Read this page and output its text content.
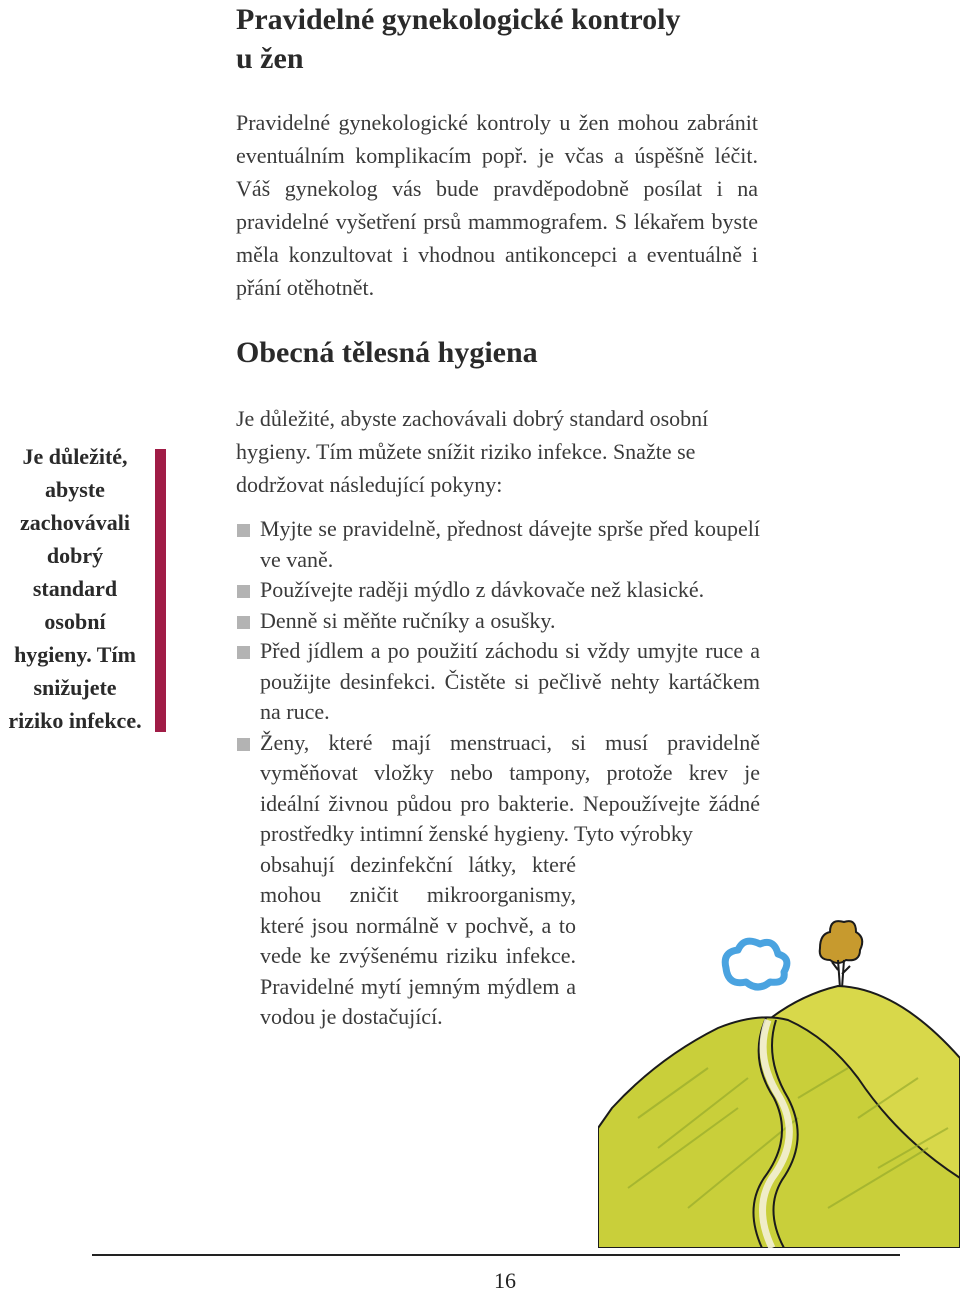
Pravidelné gynekologické kontroly
u žen
Pravidelné gynekologické kontroly u žen mohou zabránit eventuálním komplikacím popř. je včas a úspěšně léčit. Váš gynekolog vás bude pravděpodobně posílat i na pravidelné vyšetření prsů mammografem. S lékařem byste měla konzultovat i vhodnou antikoncepci a eventuálně i přání otěhotnět.
Obecná tělesná hygiena
Je důležité, abyste zachovávali dobrý standard osobní hygieny. Tím můžete snížit riziko infekce. Snažte se dodržovat následující pokyny:
Myjte se pravidelně, přednost dávejte sprše před koupelí ve vaně.
Používejte raději mýdlo z dávkovače než klasické.
Denně si měňte ručníky a osušky.
Před jídlem a po použití záchodu si vždy umyjte ruce a použijte desinfekci. Čistěte si pečlivě nehty kartáčkem na ruce.
Ženy, které mají menstruaci, si musí pravidelně vyměňovat vložky nebo tampony, protože krev je ideální živnou půdou pro bakterie. Nepoužívejte žádné prostředky intimní ženské hygieny. Tyto výrobky
obsahují dezinfekční látky, které mohou zničit mikroorganismy, které jsou normálně v pochvě, a to vede ke zvýšenému riziku infekce. Pravidelné mytí jemným mýdlem a vodou je dostačující.
Je důležité,
abyste
zachovávali
dobrý
standard
osobní
hygieny. Tím
snižujete
riziko infekce.
16
